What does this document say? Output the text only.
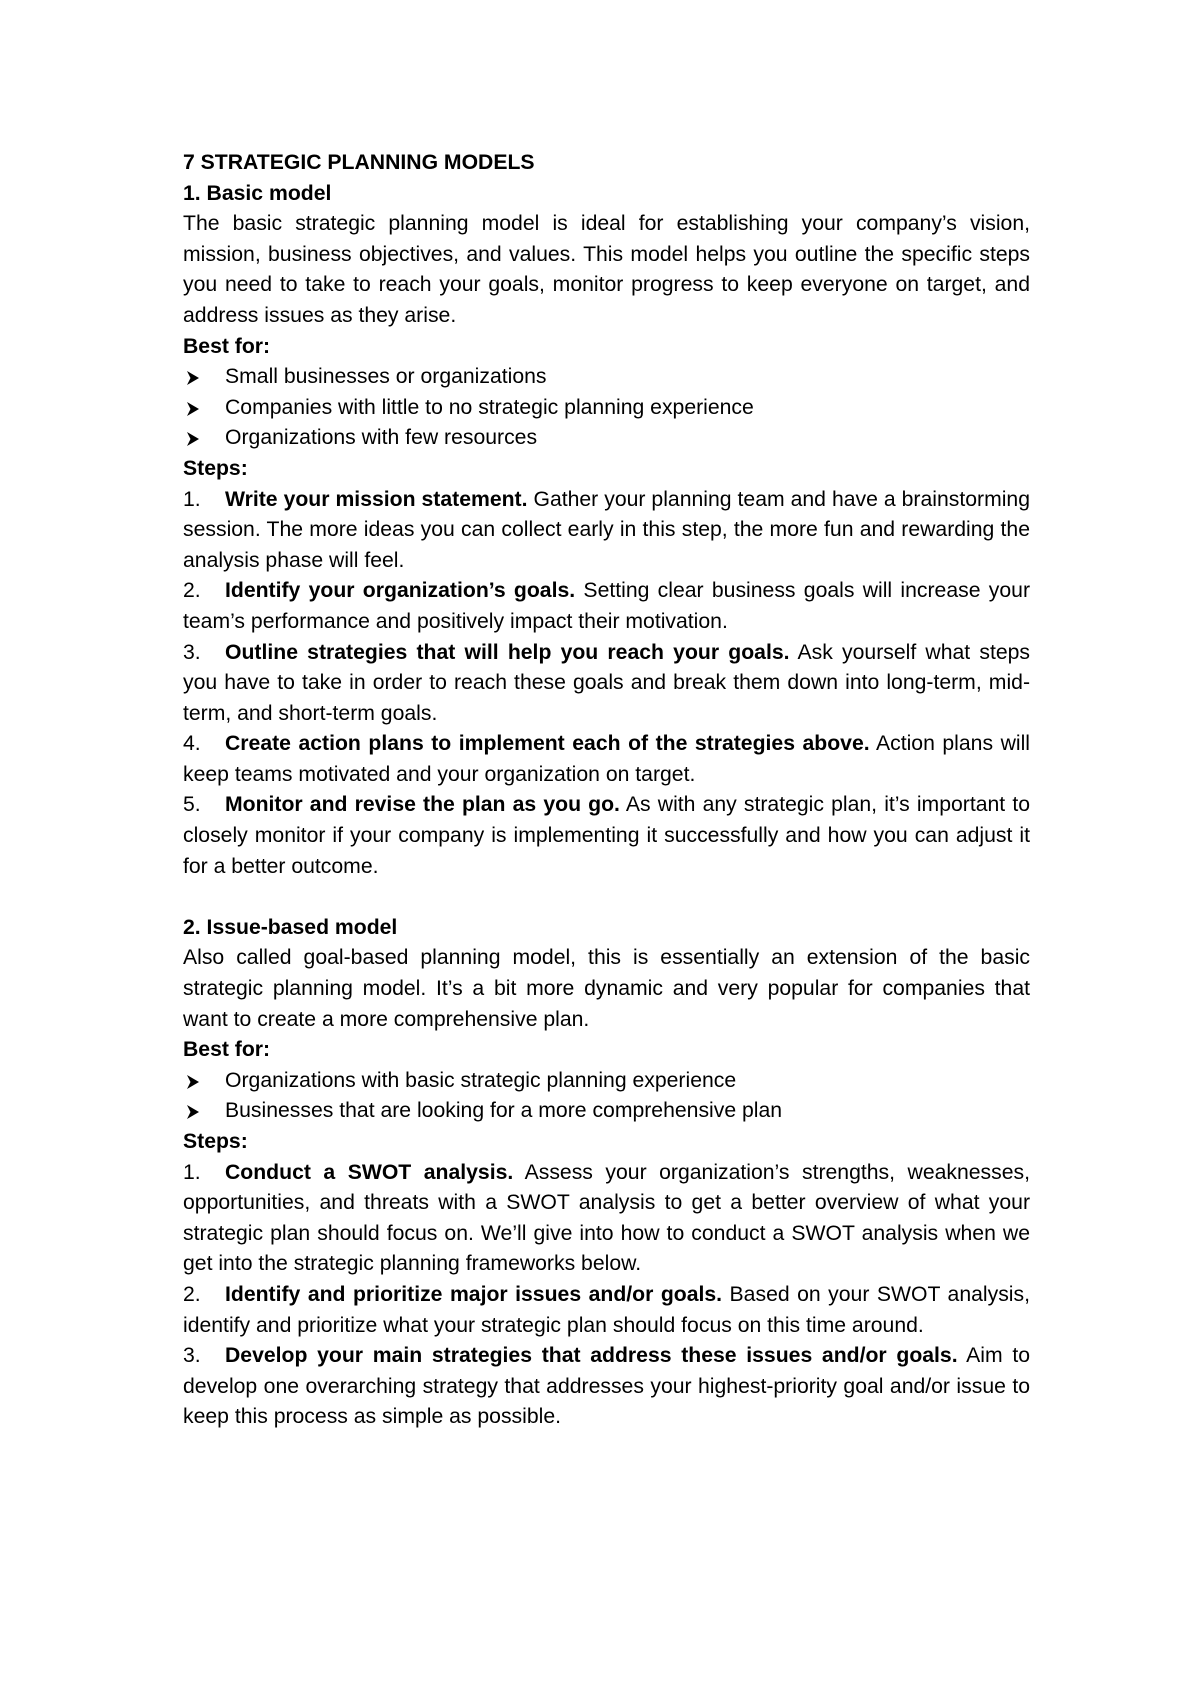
7 STRATEGIC PLANNING MODELS

1. Basic model

The basic strategic planning model is ideal for establishing your company’s vision, mission, business objectives, and values. This model helps you outline the specific steps you need to take to reach your goals, monitor progress to keep everyone on target, and address issues as they arise.

Best for:

Small businesses or organizations
Companies with little to no strategic planning experience
Organizations with few resources

Steps:

1. Write your mission statement. Gather your planning team and have a brainstorming session. The more ideas you can collect early in this step, the more fun and rewarding the analysis phase will feel.

2. Identify your organization’s goals. Setting clear business goals will increase your team’s performance and positively impact their motivation.

3. Outline strategies that will help you reach your goals. Ask yourself what steps you have to take in order to reach these goals and break them down into long-term, mid-term, and short-term goals.

4. Create action plans to implement each of the strategies above. Action plans will keep teams motivated and your organization on target.

5. Monitor and revise the plan as you go. As with any strategic plan, it’s important to closely monitor if your company is implementing it successfully and how you can adjust it for a better outcome.

2. Issue-based model

Also called goal-based planning model, this is essentially an extension of the basic strategic planning model. It’s a bit more dynamic and very popular for companies that want to create a more comprehensive plan.

Best for:

Organizations with basic strategic planning experience
Businesses that are looking for a more comprehensive plan

Steps:

1. Conduct a SWOT analysis. Assess your organization’s strengths, weaknesses, opportunities, and threats with a SWOT analysis to get a better overview of what your strategic plan should focus on. We’ll give into how to conduct a SWOT analysis when we get into the strategic planning frameworks below.

2. Identify and prioritize major issues and/or goals. Based on your SWOT analysis, identify and prioritize what your strategic plan should focus on this time around.

3. Develop your main strategies that address these issues and/or goals. Aim to develop one overarching strategy that addresses your highest-priority goal and/or issue to keep this process as simple as possible.
